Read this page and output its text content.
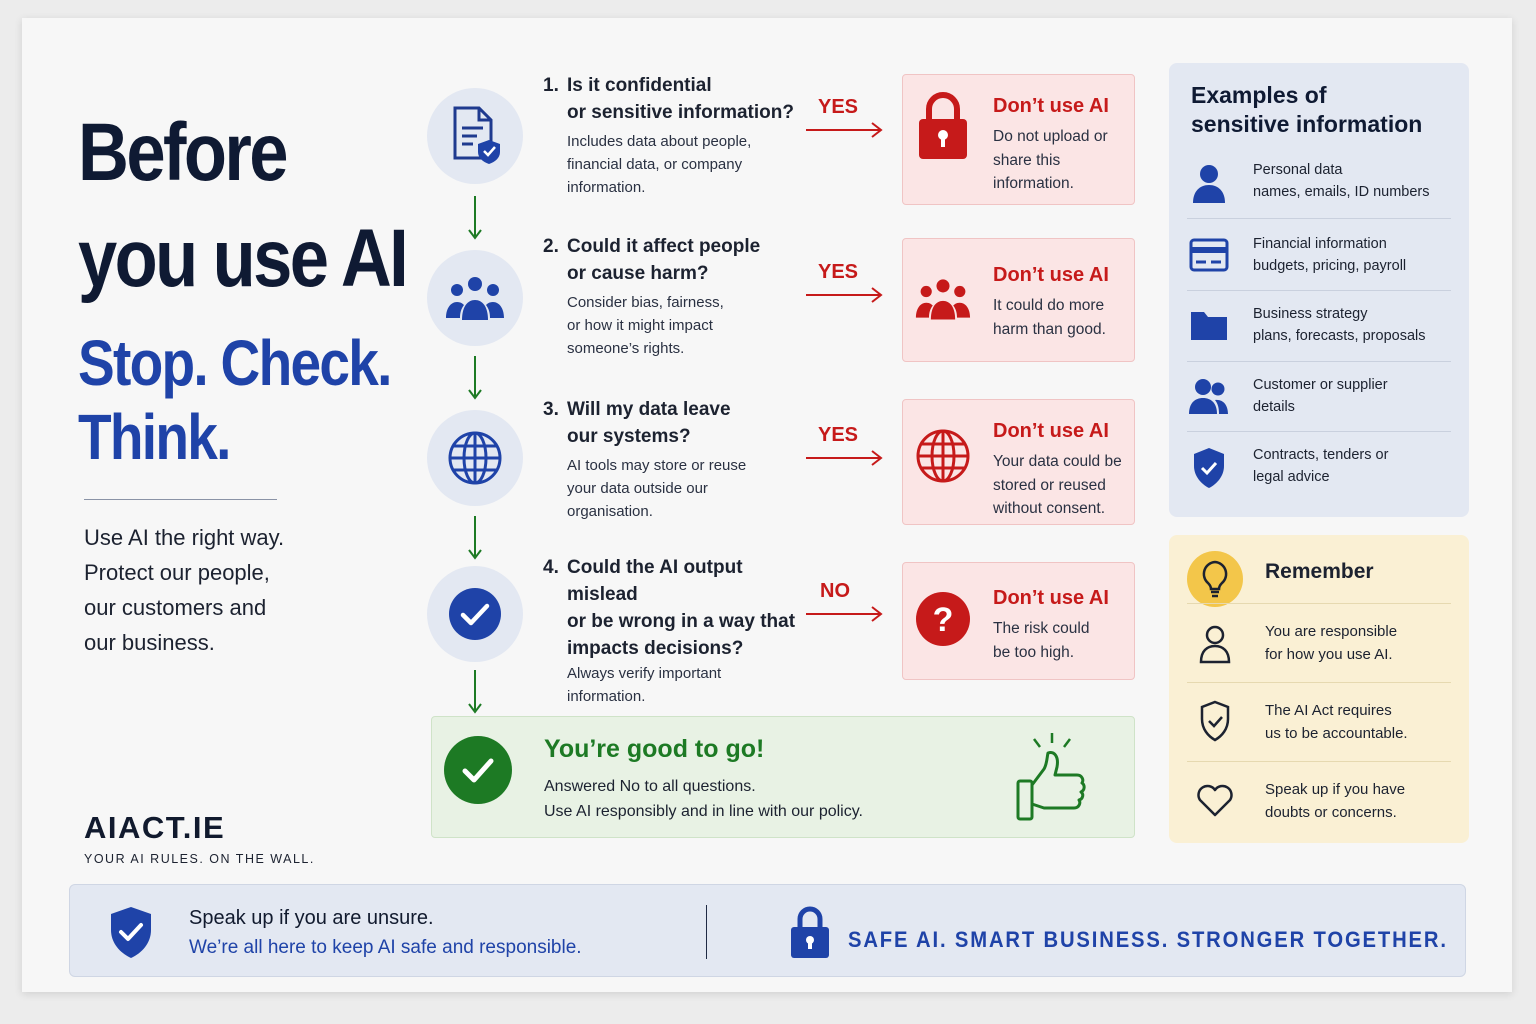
Before
you use AI
Stop. Check.
Think.
Use AI the right way.
Protect our people,
our customers and
our business.
AIACT.IE
YOUR AI RULES. ON THE WALL.
1. Is it confidential
or sensitive information?
Includes data about people,
financial data, or company
information.
2. Could it affect people
or cause harm?
Consider bias, fairness,
or how it might impact
someone’s rights.
3. Will my data leave
our systems?
AI tools may store or reuse
your data outside our
organisation.
4. Could the AI output mislead
or be wrong in a way that
impacts decisions?
Always verify important
information.
YES
YES
YES
NO
Don’t use AI
Do not upload or
share this
information.
Don’t use AI
It could do more
harm than good.
Don’t use AI
Your data could be
stored or reused
without consent.
?
Don’t use AI
The risk could
be too high.
You’re good to go!
Answered No to all questions.
Use AI responsibly and in line with our policy.
Examples of
sensitive information
Personal data
names, emails, ID numbers
Financial information
budgets, pricing, payroll
Business strategy
plans, forecasts, proposals
Customer or supplier
details
Contracts, tenders or
legal advice
Remember
You are responsible
for how you use AI.
The AI Act requires
us to be accountable.
Speak up if you have
doubts or concerns.
Speak up if you are unsure.
We’re all here to keep AI safe and responsible.	SAFE AI. SMART BUSINESS. STRONGER TOGETHER.
